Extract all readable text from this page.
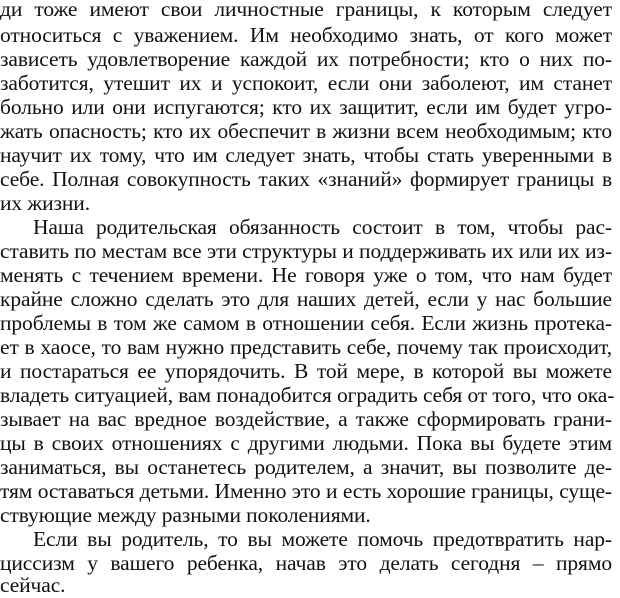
ди тоже имеют свои личностные границы, к которым следует
относиться с уважением. Им необходимо знать, от кого может
зависеть удовлетворение каждой их потребности; кто о них по-
заботится, утешит их и успокоит, если они заболеют, им станет
больно или они испугаются; кто их защитит, если им будет угро-
жать опасность; кто их обеспечит в жизни всем необходимым; кто
научит их тому, что им следует знать, чтобы стать уверенными в
себе. Полная совокупность таких «знаний» формирует границы в
их жизни.
Наша родительская обязанность состоит в том, чтобы рас-
ставить по местам все эти структуры и поддерживать их или их из-
менять с течением времени. Не говоря уже о том, что нам будет
крайне сложно сделать это для наших детей, если у нас большие
проблемы в том же самом в отношении себя. Если жизнь протека-
ет в хаосе, то вам нужно представить себе, почему так происходит,
и постараться ее упорядочить. В той мере, в которой вы можете
владеть ситуацией, вам понадобится оградить себя от того, что ока-
зывает на вас вредное воздействие, а также сформировать грани-
цы в своих отношениях с другими людьми. Пока вы будете этим
заниматься, вы останетесь родителем, а значит, вы позволите де-
тям оставаться детьми. Именно это и есть хорошие границы, суще-
ствующие между разными поколениями.
Если вы родитель, то вы можете помочь предотвратить нар-
циссизм у вашего ребенка, начав это делать сегодня – прямо
сейчас.
